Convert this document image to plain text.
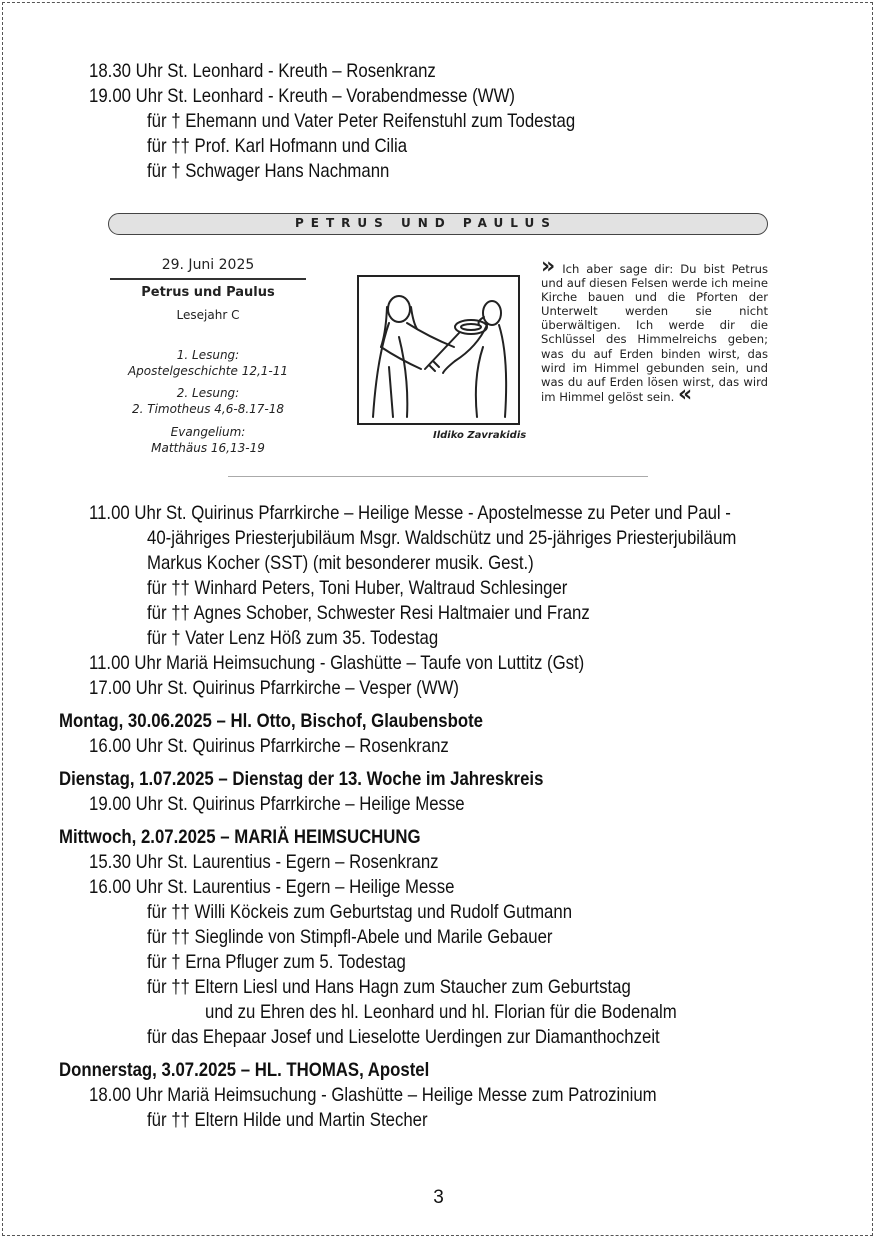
18.30 Uhr St. Leonhard - Kreuth – Rosenkranz
19.00 Uhr St. Leonhard - Kreuth – Vorabendmesse (WW)
für † Ehemann und Vater Peter Reifenstuhl zum Todestag
für †† Prof. Karl Hofmann und Cilia
für † Schwager Hans Nachmann
PETRUS UND PAULUS
29. Juni 2025
Petrus und Paulus
Lesejahr C
1. Lesung:
Apostelgeschichte 12,1-11
2. Lesung:
2. Timotheus 4,6-8.17-18
Evangelium:
Matthäus 16,13-19
Ildiko Zavrakidis
» Ich aber sage dir: Du bist Petrus und auf diesen Felsen werde ich meine Kirche bauen und die Pforten der Unterwelt werden sie nicht überwältigen. Ich werde dir die Schlüssel des Himmelreichs geben; was du auf Erden binden wirst, das wird im Himmel gebunden sein, und was du auf Erden lösen wirst, das wird im Himmel gelöst sein. «
11.00 Uhr St. Quirinus Pfarrkirche – Heilige Messe - Apostelmesse zu Peter und Paul -
40-jähriges Priesterjubiläum Msgr. Waldschütz und 25-jähriges Priesterjubiläum
Markus Kocher (SST) (mit besonderer musik. Gest.)
für †† Winhard Peters, Toni Huber, Waltraud Schlesinger
für †† Agnes Schober, Schwester Resi Haltmaier und Franz
für † Vater Lenz Höß zum 35. Todestag
11.00 Uhr Mariä Heimsuchung - Glashütte – Taufe von Luttitz (Gst)
17.00 Uhr St. Quirinus Pfarrkirche – Vesper (WW)
Montag, 30.06.2025 – Hl. Otto, Bischof, Glaubensbote
16.00 Uhr St. Quirinus Pfarrkirche – Rosenkranz
Dienstag, 1.07.2025 – Dienstag der 13. Woche im Jahreskreis
19.00 Uhr St. Quirinus Pfarrkirche – Heilige Messe
Mittwoch, 2.07.2025 – MARIÄ HEIMSUCHUNG
15.30 Uhr St. Laurentius - Egern – Rosenkranz
16.00 Uhr St. Laurentius - Egern – Heilige Messe
für †† Willi Köckeis zum Geburtstag und Rudolf Gutmann
für †† Sieglinde von Stimpfl-Abele und Marile Gebauer
für † Erna Pfluger zum 5. Todestag
für †† Eltern Liesl und Hans Hagn zum Staucher zum Geburtstag
und zu Ehren des hl. Leonhard und hl. Florian für die Bodenalm
für das Ehepaar Josef und Lieselotte Uerdingen zur Diamanthochzeit
Donnerstag, 3.07.2025 – HL. THOMAS, Apostel
18.00 Uhr Mariä Heimsuchung - Glashütte – Heilige Messe zum Patrozinium
für †† Eltern Hilde und Martin Stecher
3
